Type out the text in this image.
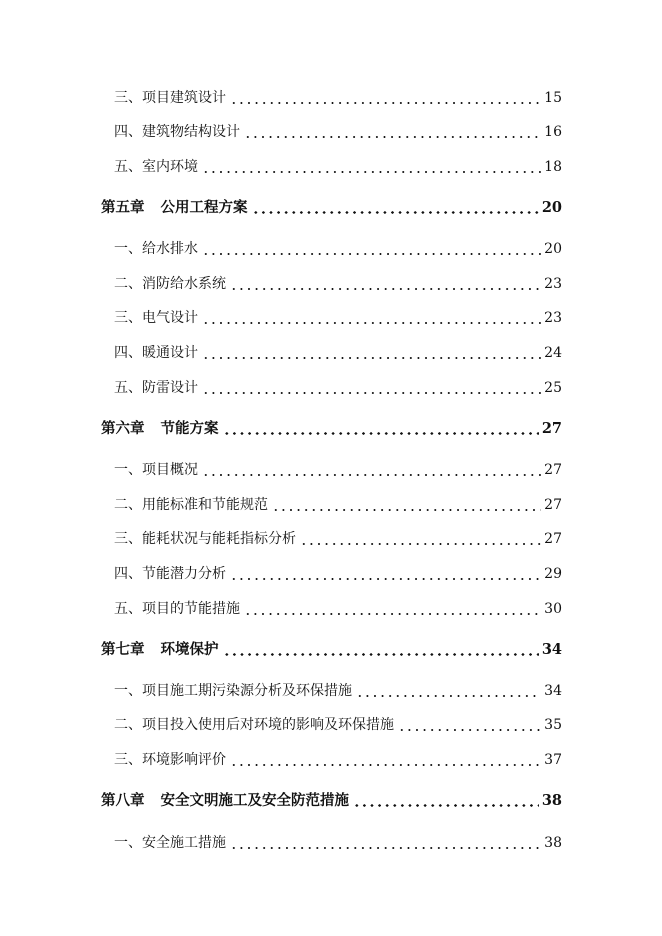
三、项目建筑设计	15
四、建筑物结构设计	16
五、室内环境	18
第五章 公用工程方案	20
一、给水排水	20
二、消防给水系统	23
三、电气设计	23
四、暖通设计	24
五、防雷设计	25
第六章 节能方案	27
一、项目概况	27
二、用能标准和节能规范	27
三、能耗状况与能耗指标分析	27
四、节能潜力分析	29
五、项目的节能措施	30
第七章 环境保护	34
一、项目施工期污染源分析及环保措施	34
二、项目投入使用后对环境的影响及环保措施	35
三、环境影响评价	37
第八章 安全文明施工及安全防范措施	38
一、安全施工措施	38
